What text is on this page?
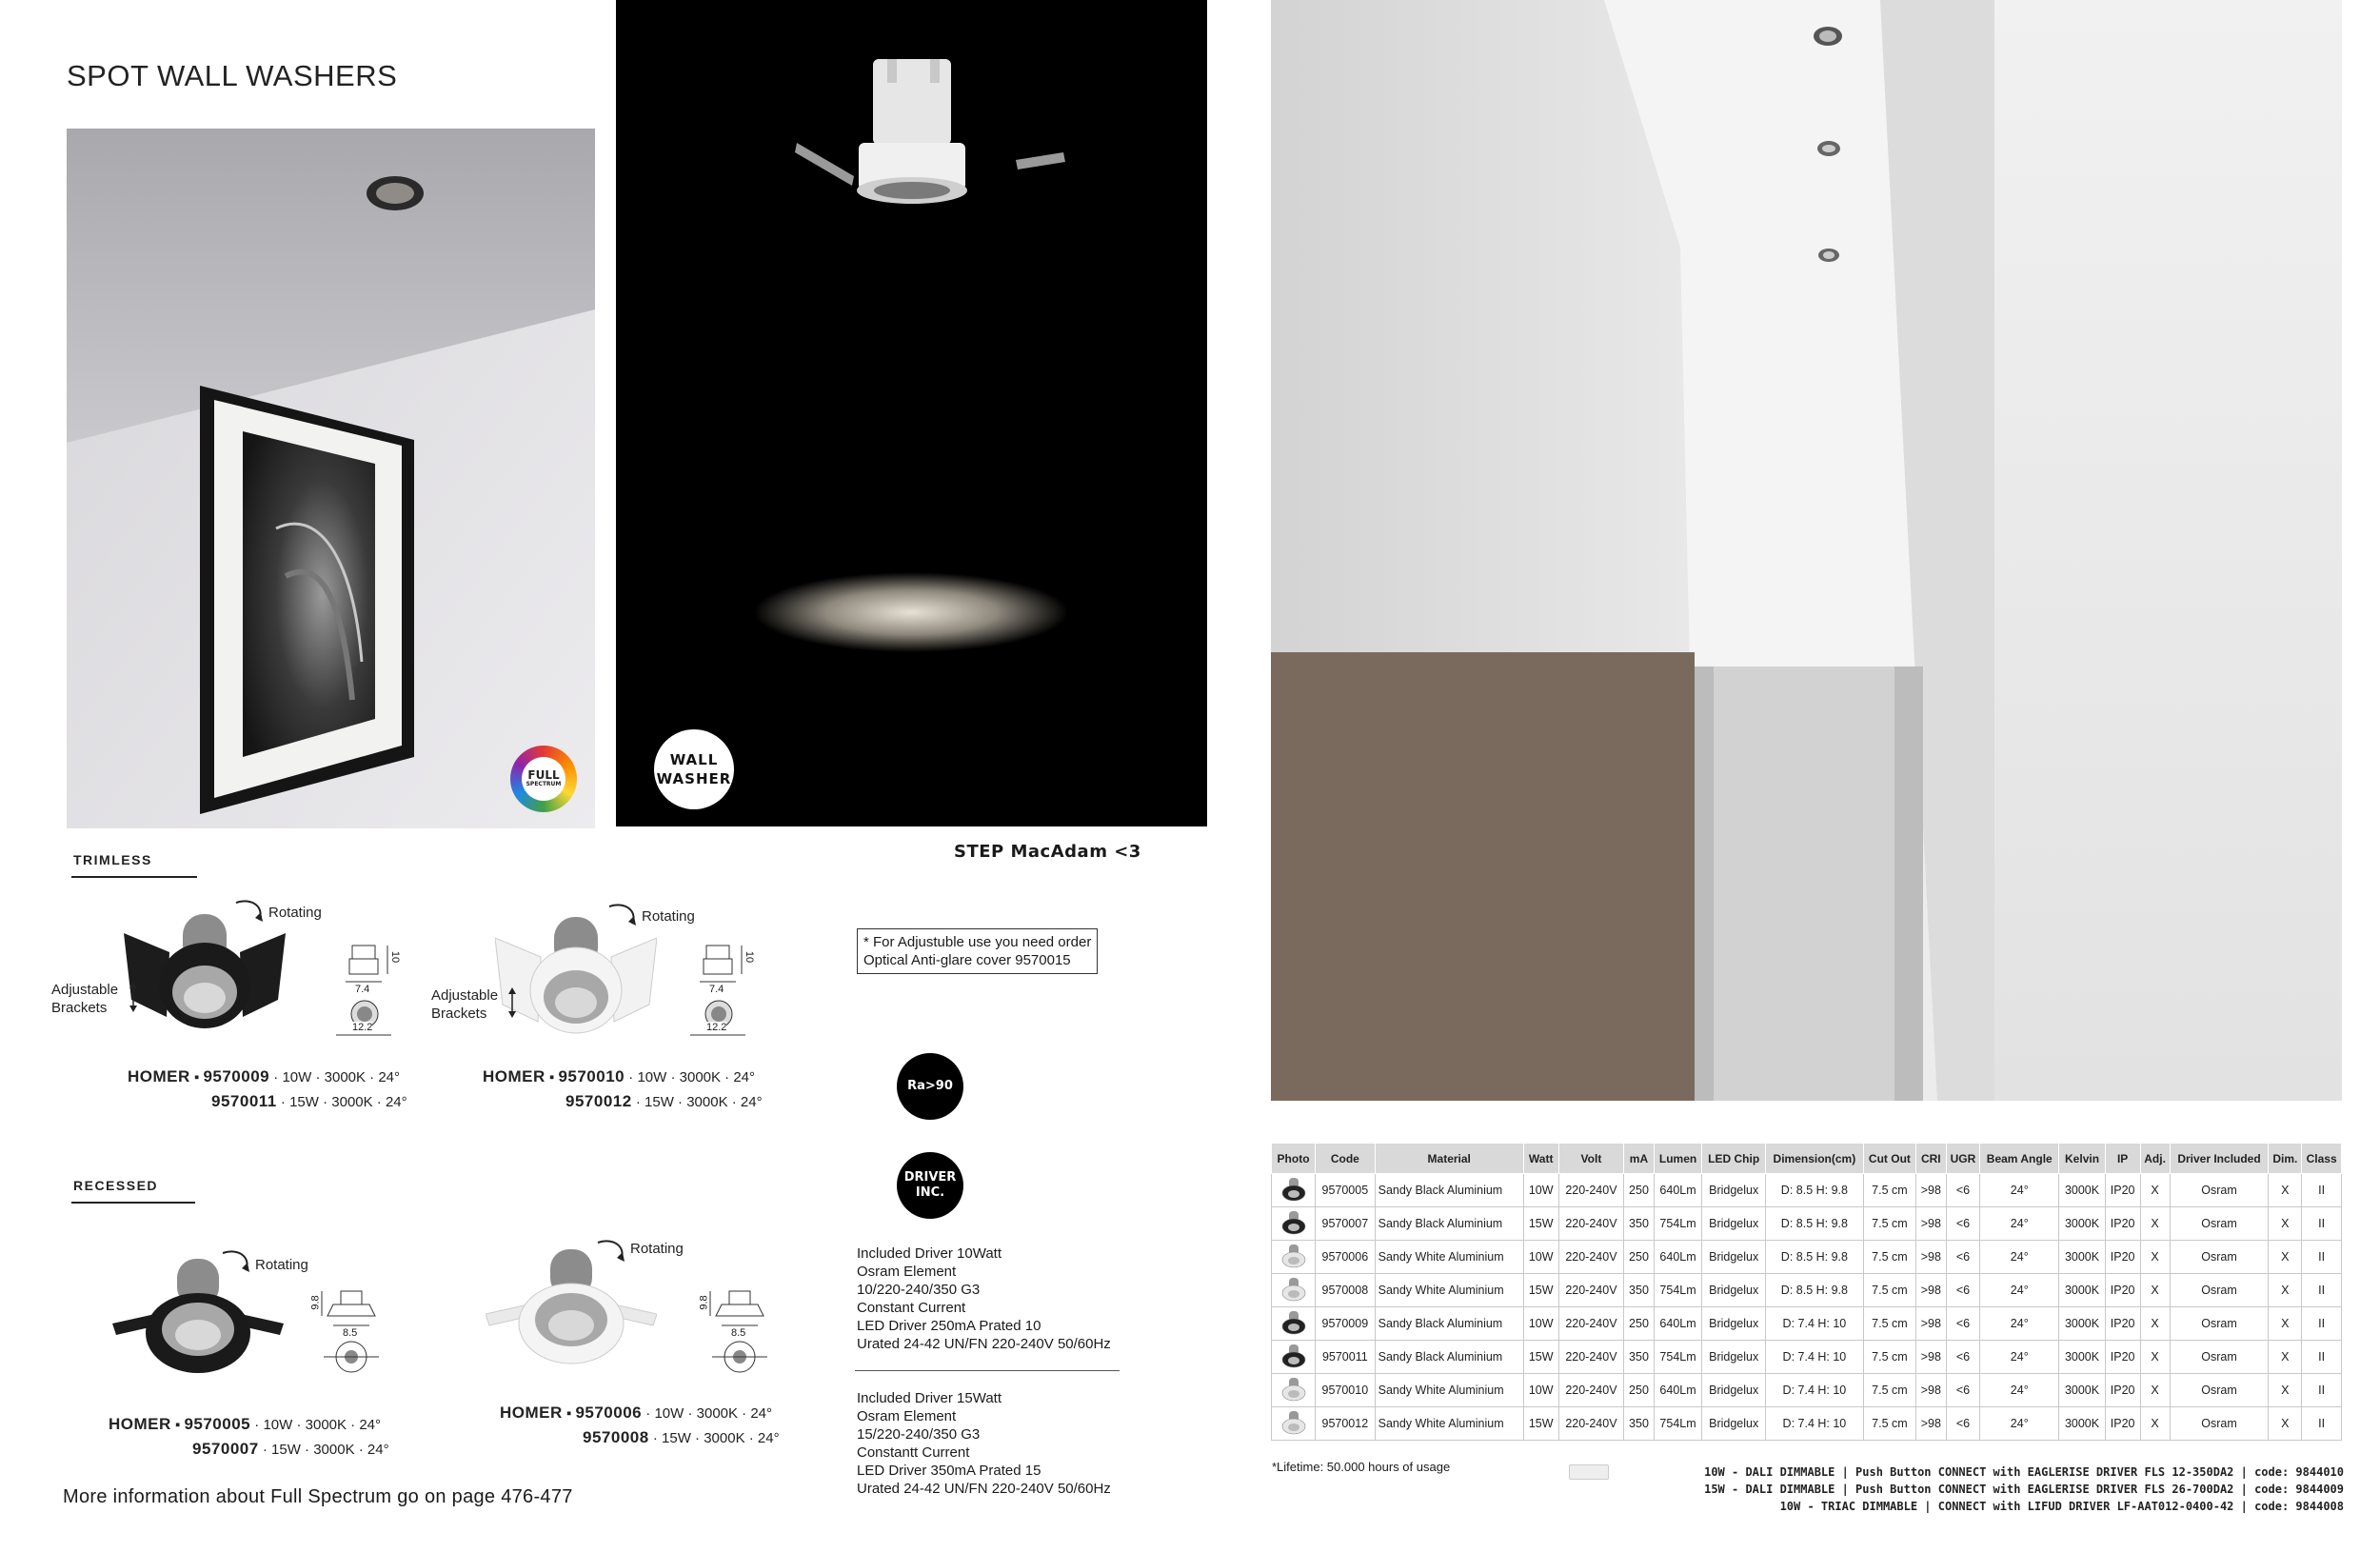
SPOT WALL WASHERS
FULL
SPECTRUM
WALL
WASHER
STEP MacAdam <3
TRIMLESS
Rotating
Adjustable
Brackets
10
7.4
12.2
HOMER ▪ 9570009 · 10W · 3000K · 24°
9570011 · 15W · 3000K · 24°
Rotating
Adjustable
Brackets
10
7.4
12.2
HOMER ▪ 9570010 · 10W · 3000K · 24°
9570012 · 15W · 3000K · 24°
* For Adjustuble use you need order
Optical Anti-glare cover 9570015
Ra>90
DRIVER
INC.
Included Driver 10Watt
Osram Element
10/220-240/350 G3
Constant Current
LED Driver 250mA Prated 10
Urated 24-42 UN/FN 220-240V 50/60Hz
Included Driver 15Watt
Osram Element
15/220-240/350 G3
Constantt Current
LED Driver 350mA Prated 15
Urated 24-42 UN/FN 220-240V 50/60Hz
RECESSED
Rotating
9.8
8.5
HOMER ▪ 9570005 · 10W · 3000K · 24°
9570007 · 15W · 3000K · 24°
Rotating
9.8
8.5
HOMER ▪ 9570006 · 10W · 3000K · 24°
9570008 · 15W · 3000K · 24°
More information about Full Spectrum go on page 476-477
Photo	Code	Material	Watt	Volt	mA	Lumen	LED Chip	Dimension(cm)	Cut Out	CRI	UGR	Beam Angle	Kelvin	IP	Adj.	Driver Included	Dim.	Class
	9570005	Sandy Black Aluminium	10W	220-240V	250	640Lm	Bridgelux	D: 8.5 H: 9.8	7.5 cm	>98	<6	24°	3000K	IP20	X	Osram	X	II
	9570007	Sandy Black Aluminium	15W	220-240V	350	754Lm	Bridgelux	D: 8.5 H: 9.8	7.5 cm	>98	<6	24°	3000K	IP20	X	Osram	X	II
	9570006	Sandy White Aluminium	10W	220-240V	250	640Lm	Bridgelux	D: 8.5 H: 9.8	7.5 cm	>98	<6	24°	3000K	IP20	X	Osram	X	II
	9570008	Sandy White Aluminium	15W	220-240V	350	754Lm	Bridgelux	D: 8.5 H: 9.8	7.5 cm	>98	<6	24°	3000K	IP20	X	Osram	X	II
	9570009	Sandy Black Aluminium	10W	220-240V	250	640Lm	Bridgelux	D: 7.4 H: 10	7.5 cm	>98	<6	24°	3000K	IP20	X	Osram	X	II
	9570011	Sandy Black Aluminium	15W	220-240V	350	754Lm	Bridgelux	D: 7.4 H: 10	7.5 cm	>98	<6	24°	3000K	IP20	X	Osram	X	II
	9570010	Sandy White Aluminium	10W	220-240V	250	640Lm	Bridgelux	D: 7.4 H: 10	7.5 cm	>98	<6	24°	3000K	IP20	X	Osram	X	II
	9570012	Sandy White Aluminium	15W	220-240V	350	754Lm	Bridgelux	D: 7.4 H: 10	7.5 cm	>98	<6	24°	3000K	IP20	X	Osram	X	II
*Lifetime: 50.000 hours of usage	10W - DALI DIMMABLE | Push Button CONNECT with EAGLERISE DRIVER FLS 12-350DA2 | code: 9844010
15W - DALI DIMMABLE | Push Button CONNECT with EAGLERISE DRIVER FLS 26-700DA2 | code: 9844009
10W - TRIAC DIMMABLE | CONNECT with LIFUD DRIVER LF-AAT012-0400-42 | code: 9844008
